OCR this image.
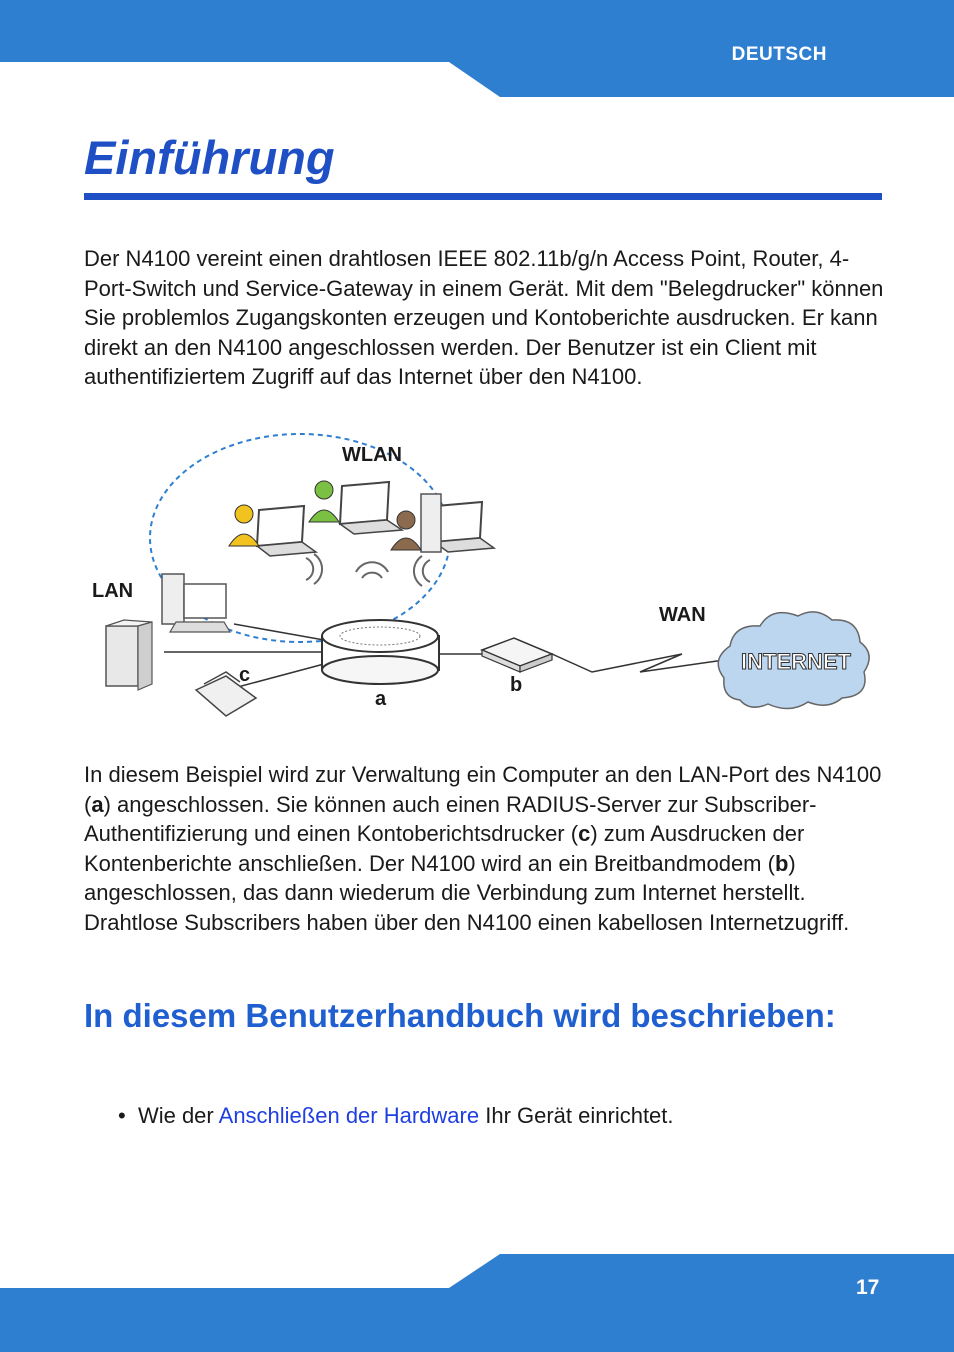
DEUTSCH
Einführung

Der N4100 vereint einen drahtlosen IEEE 802.11b/g/n Access Point, Router, 4-Port-Switch und Service-Gateway in einem Gerät. Mit dem "Belegdrucker" können Sie problemlos Zugangskonten erzeugen und Kontoberichte ausdrucken. Er kann direkt an den N4100 angeschlossen werden. Der Benutzer ist ein Client mit authentifiziertem Zugriff auf das Internet über den N4100.

INTERNET
WLAN
LAN
WAN
c	b
a

In diesem Beispiel wird zur Verwaltung ein Computer an den LAN-Port des N4100 (a) angeschlossen. Sie können auch einen RADIUS-Server zur Subscriber-Authentifizierung und einen Kontoberichtsdrucker (c) zum Ausdrucken der Kontenberichte anschließen. Der N4100 wird an ein Breitbandmodem (b) angeschlossen, das dann wiederum die Verbindung zum Internet herstellt. Drahtlose Subscribers haben über den N4100 einen kabellosen Internetzugriff.

In diesem Benutzerhandbuch wird beschrieben:

• Wie der Anschließen der Hardware Ihr Gerät einrichtet.

17
